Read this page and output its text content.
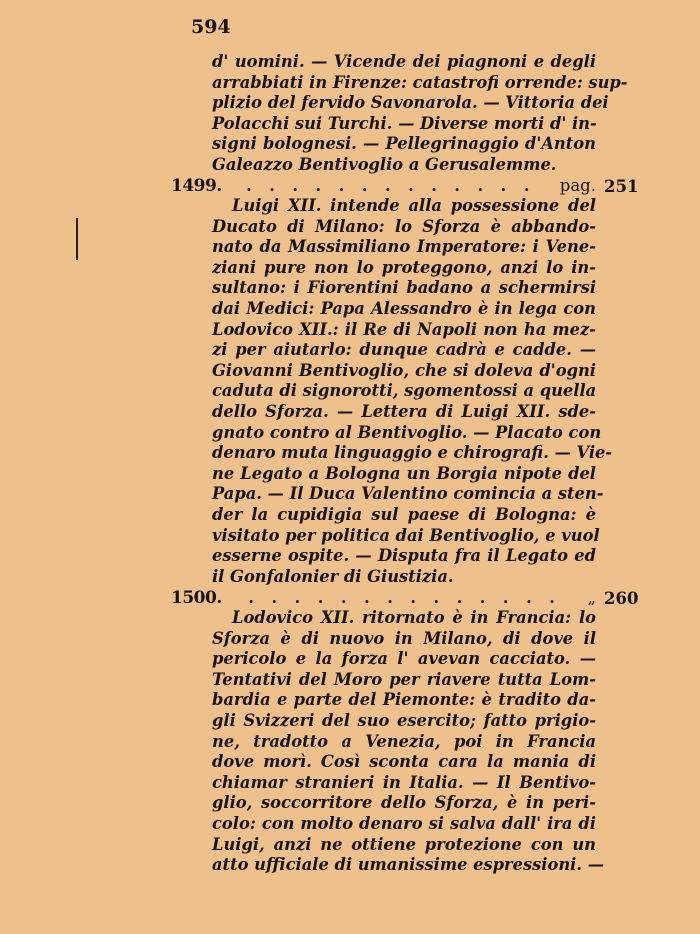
594
d' uomini. — Vicende dei piagnoni e degli
arrabbiati in Firenze: catastrofi orrende: sup-
plizio del fervido Savonarola. — Vittoria dei
Polacchi sui Turchi. — Diverse morti d' in-
signi bolognesi. — Pellegrinaggio d'Anton
Galeazzo Bentivoglio a Gerusalemme.
1499.	. . . . . . . . . . . . .	pag. 251
Luigi XII. intende alla possessione del
Ducato di Milano: lo Sforza è abbando-
nato da Massimiliano Imperatore: i Vene-
ziani pure non lo proteggono, anzi lo in-
sultano: i Fiorentini badano a schermirsi
dai Medici: Papa Alessandro è in lega con
Lodovico XII.: il Re di Napoli non ha mez-
zi per aiutarlo: dunque cadrà e cadde. —
Giovanni Bentivoglio, che si doleva d'ogni
caduta di signorotti, sgomentossi a quella
dello Sforza. — Lettera di Luigi XII. sde-
gnato contro al Bentivoglio. — Placato con
denaro muta linguaggio e chirografi. — Vie-
ne Legato a Bologna un Borgia nipote del
Papa. — Il Duca Valentino comincia a sten-
der la cupidigia sul paese di Bologna: è
visitato per politica dai Bentivoglio, e vuol
esserne ospite. — Disputa fra il Legato ed
il Gonfalonier di Giustizia.
1500.	. . . . . . . . . . . . . .	„ 260
Lodovico XII. ritornato è in Francia: lo
Sforza è di nuovo in Milano, di dove il
pericolo e la forza l' avevan cacciato. —
Tentativi del Moro per riavere tutta Lom-
bardia e parte del Piemonte: è tradito da-
gli Svizzeri del suo esercito; fatto prigio-
ne, tradotto a Venezia, poi in Francia
dove morì. Così sconta cara la mania di
chiamar stranieri in Italia. — Il Bentivo-
glio, soccorritore dello Sforza, è in peri-
colo: con molto denaro si salva dall' ira di
Luigi, anzi ne ottiene protezione con un
atto ufficiale di umanissime espressioni. —
